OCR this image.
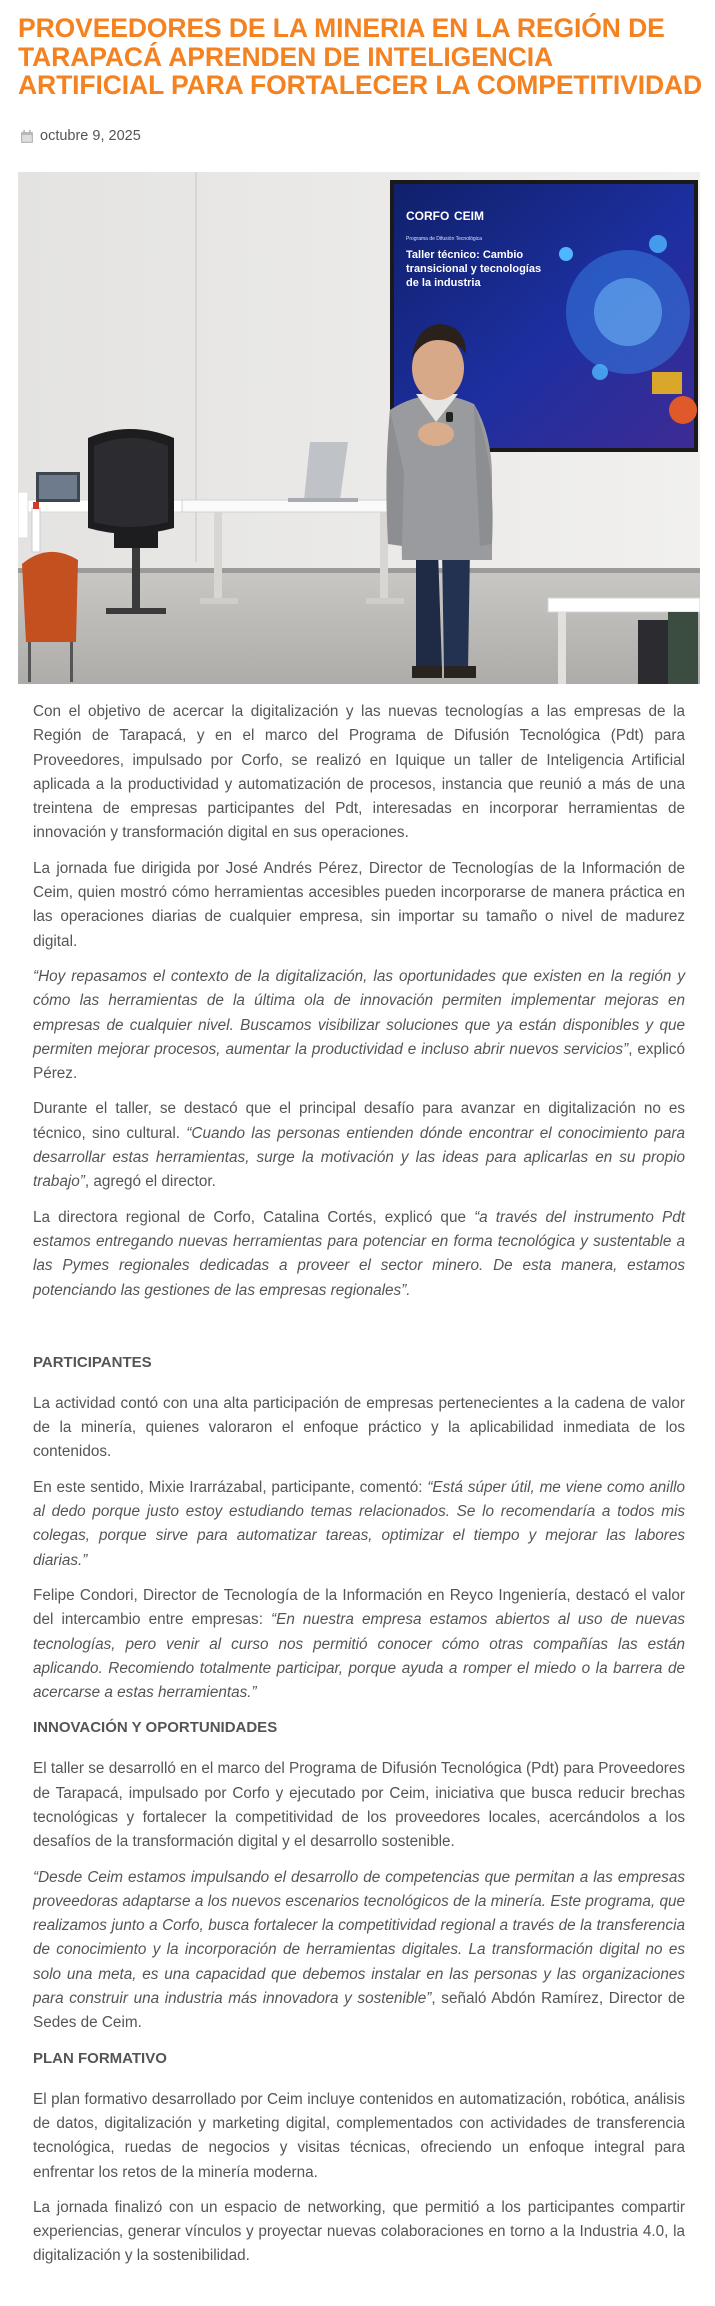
PROVEEDORES DE LA MINERIA EN LA REGIÓN DE TARAPACÁ APRENDEN DE INTELIGENCIA ARTIFICIAL PARA FORTALECER LA COMPETITIVIDAD
octubre 9, 2025
CORFO CEIM
Programa de Difusión Tecnológica
Taller técnico: Cambio
transicional y tecnologías
de la industria

Con el objetivo de acercar la digitalización y las nuevas tecnologías a las empresas de la Región de Tarapacá, y en el marco del Programa de Difusión Tecnológica (Pdt) para Proveedores, impulsado por Corfo, se realizó en Iquique un taller de Inteligencia Artificial aplicada a la productividad y automatización de procesos, instancia que reunió a más de una treintena de empresas participantes del Pdt, interesadas en incorporar herramientas de innovación y transformación digital en sus operaciones.

La jornada fue dirigida por José Andrés Pérez, Director de Tecnologías de la Información de Ceim, quien mostró cómo herramientas accesibles pueden incorporarse de manera práctica en las operaciones diarias de cualquier empresa, sin importar su tamaño o nivel de madurez digital.

“Hoy repasamos el contexto de la digitalización, las oportunidades que existen en la región y cómo las herramientas de la última ola de innovación permiten implementar mejoras en empresas de cualquier nivel. Buscamos visibilizar soluciones que ya están disponibles y que permiten mejorar procesos, aumentar la productividad e incluso abrir nuevos servicios”, explicó Pérez.

Durante el taller, se destacó que el principal desafío para avanzar en digitalización no es técnico, sino cultural. “Cuando las personas entienden dónde encontrar el conocimiento para desarrollar estas herramientas, surge la motivación y las ideas para aplicarlas en su propio trabajo”, agregó el director.

La directora regional de Corfo, Catalina Cortés, explicó que “a través del instrumento Pdt estamos entregando nuevas herramientas para potenciar en forma tecnológica y sustentable a las Pymes regionales dedicadas a proveer el sector minero. De esta manera, estamos potenciando las gestiones de las empresas regionales”.

PARTICIPANTES

La actividad contó con una alta participación de empresas pertenecientes a la cadena de valor de la minería, quienes valoraron el enfoque práctico y la aplicabilidad inmediata de los contenidos.

En este sentido, Mixie Irarrázabal, participante, comentó: “Está súper útil, me viene como anillo al dedo porque justo estoy estudiando temas relacionados. Se lo recomendaría a todos mis colegas, porque sirve para automatizar tareas, optimizar el tiempo y mejorar las labores diarias.”

Felipe Condori, Director de Tecnología de la Información en Reyco Ingeniería, destacó el valor del intercambio entre empresas: “En nuestra empresa estamos abiertos al uso de nuevas tecnologías, pero venir al curso nos permitió conocer cómo otras compañías las están aplicando. Recomiendo totalmente participar, porque ayuda a romper el miedo o la barrera de acercarse a estas herramientas.”

INNOVACIÓN Y OPORTUNIDADES

El taller se desarrolló en el marco del Programa de Difusión Tecnológica (Pdt) para Proveedores de Tarapacá, impulsado por Corfo y ejecutado por Ceim, iniciativa que busca reducir brechas tecnológicas y fortalecer la competitividad de los proveedores locales, acercándolos a los desafíos de la transformación digital y el desarrollo sostenible.

“Desde Ceim estamos impulsando el desarrollo de competencias que permitan a las empresas proveedoras adaptarse a los nuevos escenarios tecnológicos de la minería. Este programa, que realizamos junto a Corfo, busca fortalecer la competitividad regional a través de la transferencia de conocimiento y la incorporación de herramientas digitales. La transformación digital no es solo una meta, es una capacidad que debemos instalar en las personas y las organizaciones para construir una industria más innovadora y sostenible”, señaló Abdón Ramírez, Director de Sedes de Ceim.

PLAN FORMATIVO

El plan formativo desarrollado por Ceim incluye contenidos en automatización, robótica, análisis de datos, digitalización y marketing digital, complementados con actividades de transferencia tecnológica, ruedas de negocios y visitas técnicas, ofreciendo un enfoque integral para enfrentar los retos de la minería moderna.

La jornada finalizó con un espacio de networking, que permitió a los participantes compartir experiencias, generar vínculos y proyectar nuevas colaboraciones en torno a la Industria 4.0, la digitalización y la sostenibilidad.
